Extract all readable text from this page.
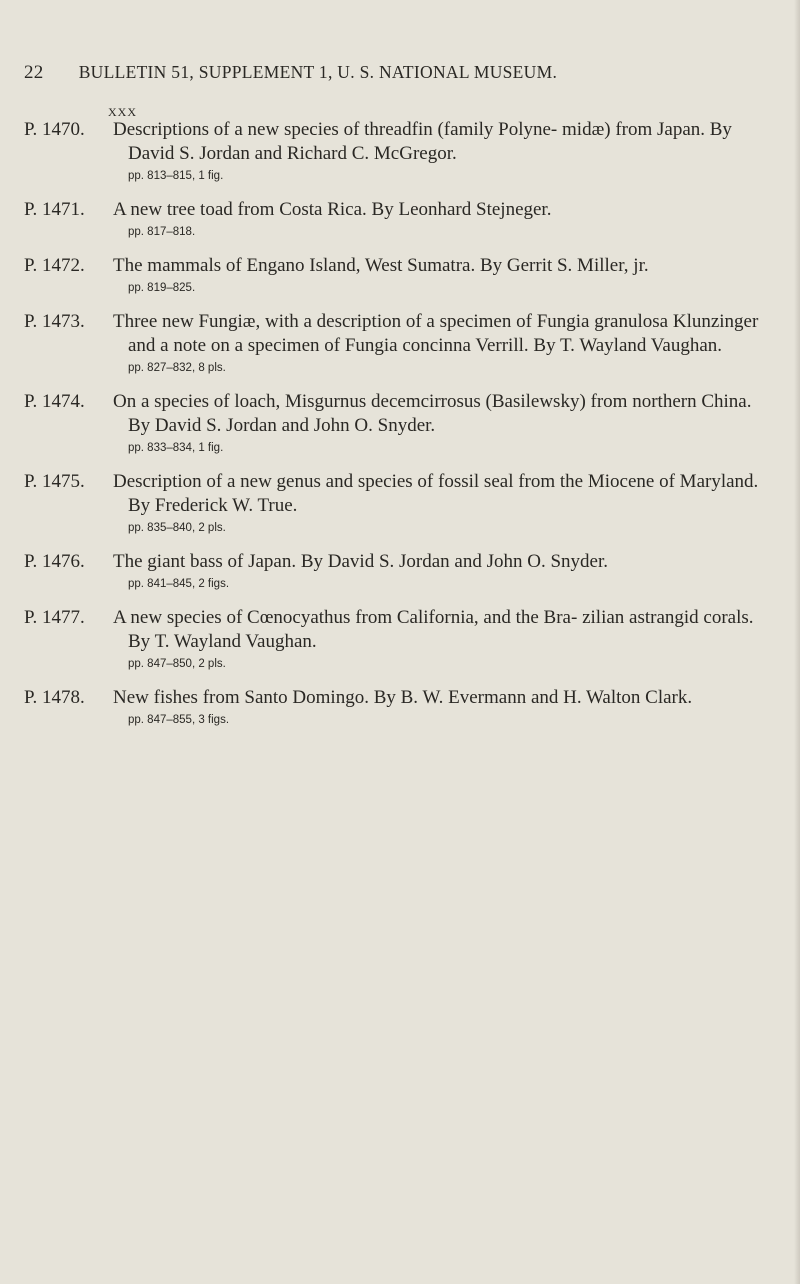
22 BULLETIN 51, SUPPLEMENT 1, U. S. NATIONAL MUSEUM.
XXX
P. 1470. Descriptions of a new species of threadfin (family Polyne- midæ) from Japan. By David S. Jordan and Richard C. McGregor.
pp. 813–815, 1 fig.
P. 1471. A new tree toad from Costa Rica. By Leonhard Stejneger.
pp. 817–818.
P. 1472. The mammals of Engano Island, West Sumatra. By Gerrit S. Miller, jr.
pp. 819–825.
P. 1473. Three new Fungiæ, with a description of a specimen of Fungia granulosa Klunzinger and a note on a specimen of Fungia concinna Verrill. By T. Wayland Vaughan.
pp. 827–832, 8 pls.
P. 1474. On a species of loach, Misgurnus decemcirrosus (Basilewsky) from northern China. By David S. Jordan and John O. Snyder.
pp. 833–834, 1 fig.
P. 1475. Description of a new genus and species of fossil seal from the Miocene of Maryland. By Frederick W. True.
pp. 835–840, 2 pls.
P. 1476. The giant bass of Japan. By David S. Jordan and John O. Snyder.
pp. 841–845, 2 figs.
P. 1477. A new species of Cœnocyathus from California, and the Bra- zilian astrangid corals. By T. Wayland Vaughan.
pp. 847–850, 2 pls.
P. 1478. New fishes from Santo Domingo. By B. W. Evermann and H. Walton Clark.
pp. 847–855, 3 figs.
